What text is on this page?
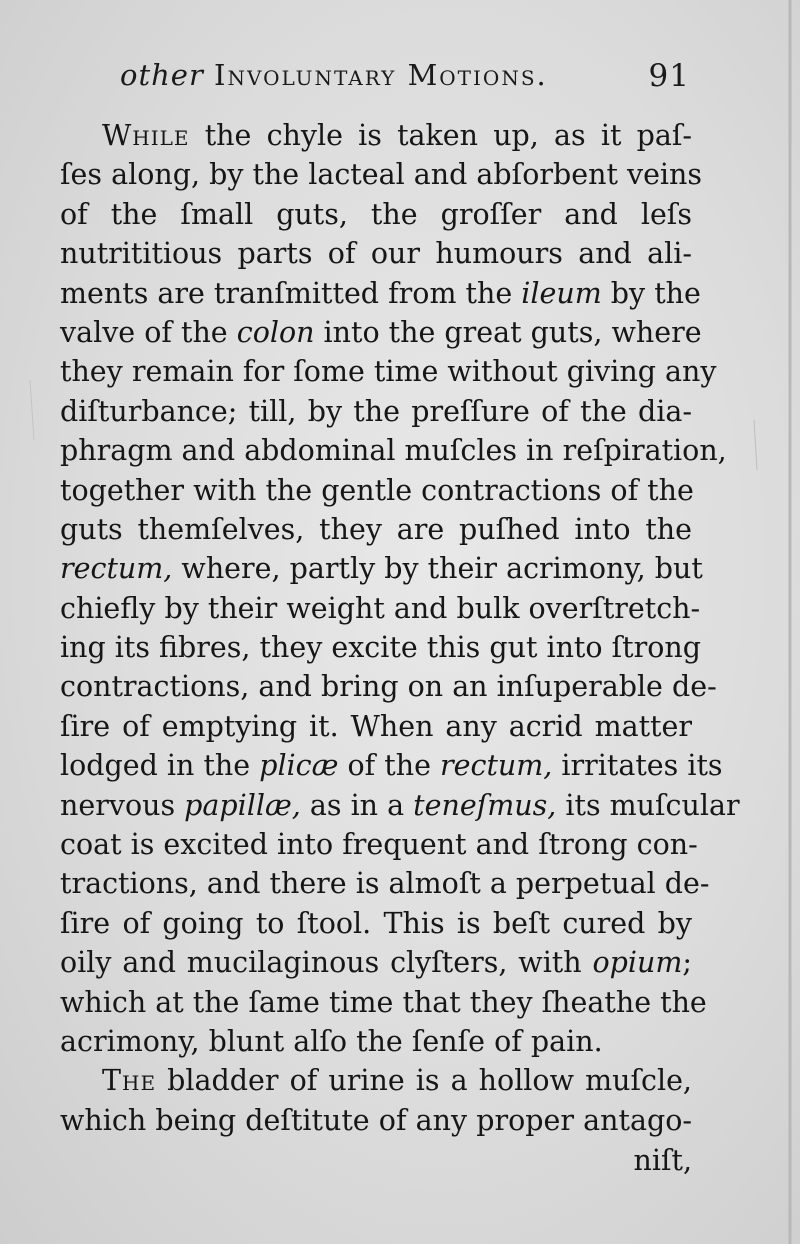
other Involuntary Motions.	91
While the chyle is taken up, as it paſ-
ſes along, by the lacteal and abſorbent veins
of the ſmall guts, the groſſer and leſs
nutrititious parts of our humours and ali-
ments are tranſmitted from the ileum by the
valve of the colon into the great guts, where
they remain for ſome time without giving any
diſturbance; till, by the preſſure of the dia-
phragm and abdominal muſcles in reſpiration,
together with the gentle contractions of the
guts themſelves, they are puſhed into the
rectum, where, partly by their acrimony, but
chiefly by their weight and bulk overſtretch-
ing its fibres, they excite this gut into ſtrong
contractions, and bring on an inſuperable de-
ſire of emptying it. When any acrid matter
lodged in the plicæ of the rectum, irritates its
nervous papillæ, as in a teneſmus, its muſcular
coat is excited into frequent and ſtrong con-
tractions, and there is almoſt a perpetual de-
ſire of going to ſtool. This is beſt cured by
oily and mucilaginous clyſters, with opium;
which at the ſame time that they ſheathe the
acrimony, blunt alſo the ſenſe of pain.
The bladder of urine is a hollow muſcle,
which being deſtitute of any proper antago-
niſt,
